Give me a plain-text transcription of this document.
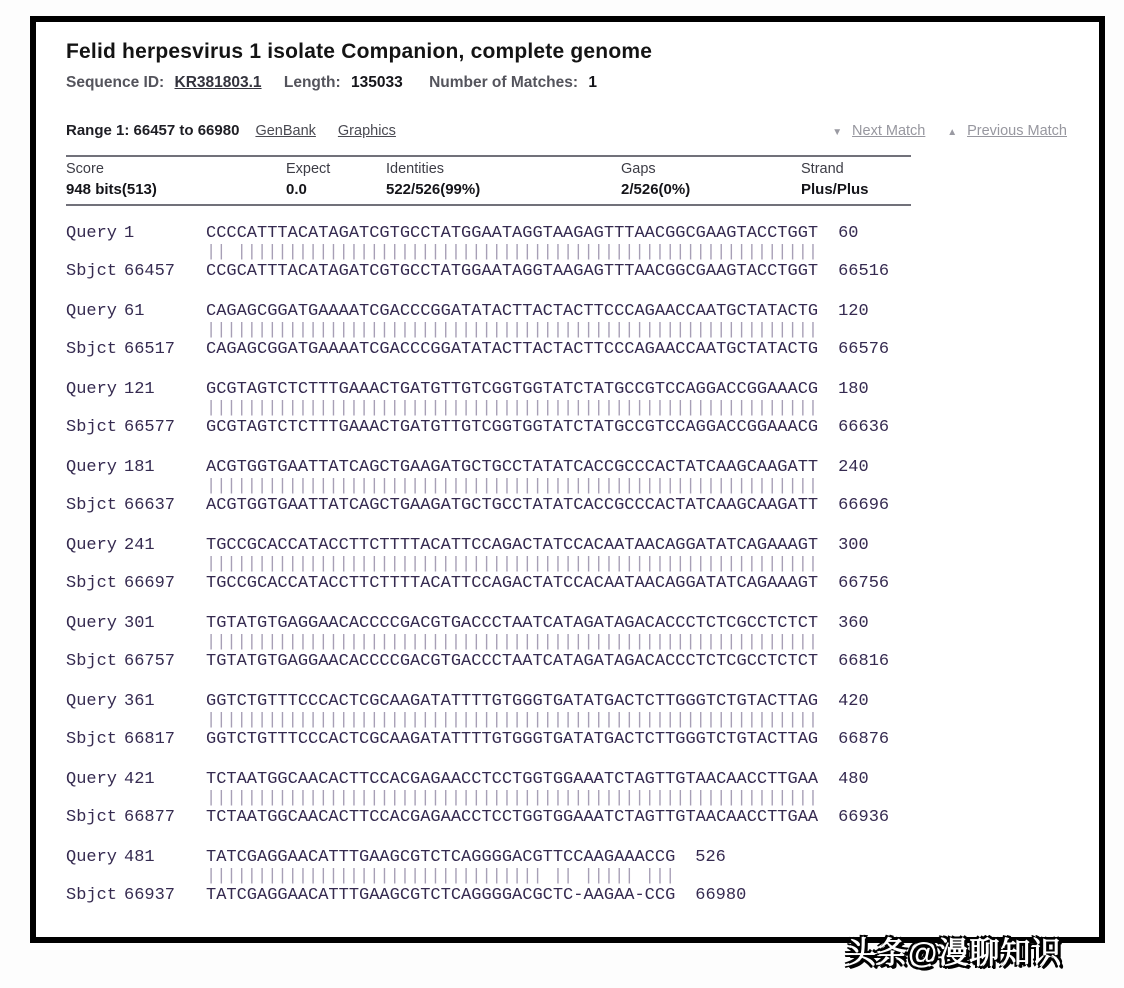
Felid herpesvirus 1 isolate Companion, complete genome
Sequence ID: KR381803.1 Length: 135033 Number of Matches: 1
Range 1: 66457 to 66980 GenBank Graphics	▼ Next Match ▲ Previous Match
Score	Expect	Identities	Gaps	Strand
948 bits(513)	0.0	522/526(99%)	2/526(0%)	Plus/Plus
Query 1	CCCCATTTACATAGATCGTGCCTATGGAATAGGTAAGAGTTTAACGGCGAAGTACCTGGT 60
|| |||||||||||||||||||||||||||||||||||||||||||||||||||||||||
Sbjct 66457	CCGCATTTACATAGATCGTGCCTATGGAATAGGTAAGAGTTTAACGGCGAAGTACCTGGT 66516
Query 61	CAGAGCGGATGAAAATCGACCCGGATATACTTACTACTTCCCAGAACCAATGCTATACTG 120
||||||||||||||||||||||||||||||||||||||||||||||||||||||||||||
Sbjct 66517	CAGAGCGGATGAAAATCGACCCGGATATACTTACTACTTCCCAGAACCAATGCTATACTG 66576
Query 121	GCGTAGTCTCTTTGAAACTGATGTTGTCGGTGGTATCTATGCCGTCCAGGACCGGAAACG 180
||||||||||||||||||||||||||||||||||||||||||||||||||||||||||||
Sbjct 66577	GCGTAGTCTCTTTGAAACTGATGTTGTCGGTGGTATCTATGCCGTCCAGGACCGGAAACG 66636
Query 181	ACGTGGTGAATTATCAGCTGAAGATGCTGCCTATATCACCGCCCACTATCAAGCAAGATT 240
||||||||||||||||||||||||||||||||||||||||||||||||||||||||||||
Sbjct 66637	ACGTGGTGAATTATCAGCTGAAGATGCTGCCTATATCACCGCCCACTATCAAGCAAGATT 66696
Query 241	TGCCGCACCATACCTTCTTTTACATTCCAGACTATCCACAATAACAGGATATCAGAAAGT 300
||||||||||||||||||||||||||||||||||||||||||||||||||||||||||||
Sbjct 66697	TGCCGCACCATACCTTCTTTTACATTCCAGACTATCCACAATAACAGGATATCAGAAAGT 66756
Query 301	TGTATGTGAGGAACACCCCGACGTGACCCTAATCATAGATAGACACCCTCTCGCCTCTCT 360
||||||||||||||||||||||||||||||||||||||||||||||||||||||||||||
Sbjct 66757	TGTATGTGAGGAACACCCCGACGTGACCCTAATCATAGATAGACACCCTCTCGCCTCTCT 66816
Query 361	GGTCTGTTTCCCACTCGCAAGATATTTTGTGGGTGATATGACTCTTGGGTCTGTACTTAG 420
||||||||||||||||||||||||||||||||||||||||||||||||||||||||||||
Sbjct 66817	GGTCTGTTTCCCACTCGCAAGATATTTTGTGGGTGATATGACTCTTGGGTCTGTACTTAG 66876
Query 421	TCTAATGGCAACACTTCCACGAGAACCTCCTGGTGGAAATCTAGTTGTAACAACCTTGAA 480
||||||||||||||||||||||||||||||||||||||||||||||||||||||||||||
Sbjct 66877	TCTAATGGCAACACTTCCACGAGAACCTCCTGGTGGAAATCTAGTTGTAACAACCTTGAA 66936
Query 481	TATCGAGGAACATTTGAAGCGTCTCAGGGGACGTTCCAAGAAACCG 526
||||||||||||||||||||||||||||||||| || ||||| |||
Sbjct 66937	TATCGAGGAACATTTGAAGCGTCTCAGGGGACGCTC-AAGAA-CCG 66980
头条@漫聊知识
